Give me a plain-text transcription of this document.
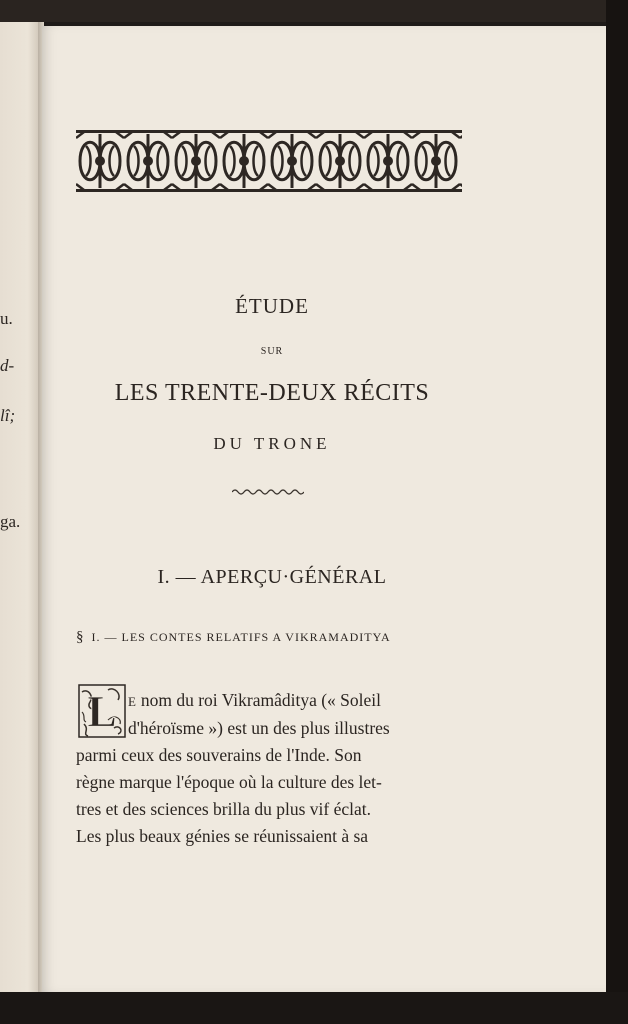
u.
d-
lî;
ga.
ÉTUDE
SUR
LES TRENTE-DEUX RÉCITS
DU TRONE
I. — APERÇU·GÉNÉRAL
§ I. — LES CONTES RELATIFS A VIKRAMADITYA
L E nom du roi Vikramâditya (« Soleil
d'héroïsme ») est un des plus illustres
parmi ceux des souverains de l'Inde. Son
règne marque l'époque où la culture des let-
tres et des sciences brilla du plus vif éclat.
Les plus beaux génies se réunissaient à sa
